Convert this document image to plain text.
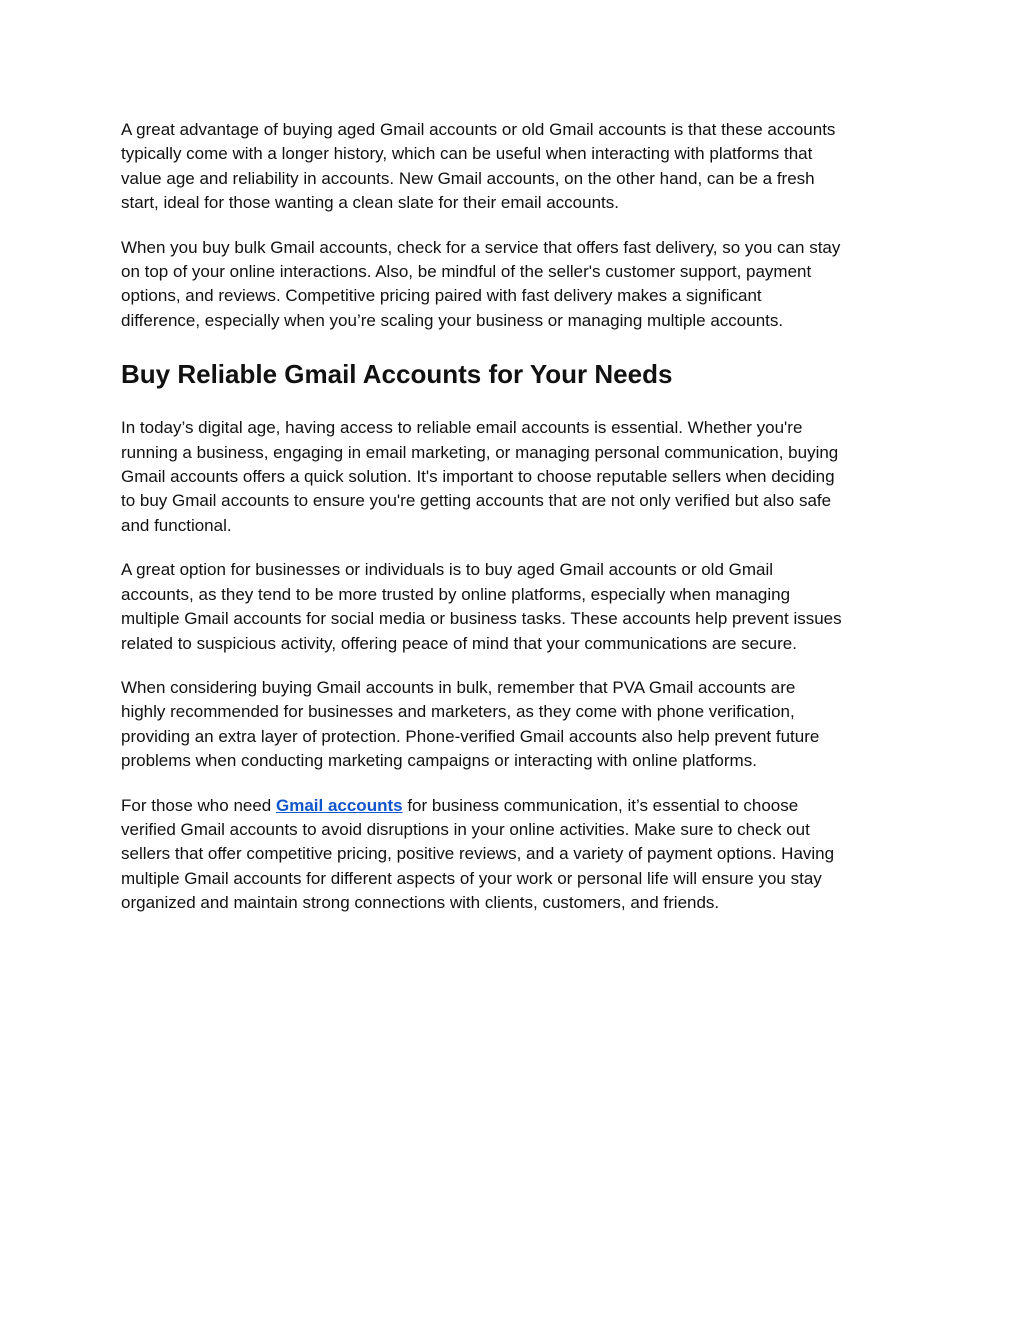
A great advantage of buying aged Gmail accounts or old Gmail accounts is that these accounts
typically come with a longer history, which can be useful when interacting with platforms that
value age and reliability in accounts. New Gmail accounts, on the other hand, can be a fresh
start, ideal for those wanting a clean slate for their email accounts.

When you buy bulk Gmail accounts, check for a service that offers fast delivery, so you can stay
on top of your online interactions. Also, be mindful of the seller's customer support, payment
options, and reviews. Competitive pricing paired with fast delivery makes a significant
difference, especially when you’re scaling your business or managing multiple accounts.

Buy Reliable Gmail Accounts for Your Needs

In today’s digital age, having access to reliable email accounts is essential. Whether you're
running a business, engaging in email marketing, or managing personal communication, buying
Gmail accounts offers a quick solution. It's important to choose reputable sellers when deciding
to buy Gmail accounts to ensure you're getting accounts that are not only verified but also safe
and functional.

A great option for businesses or individuals is to buy aged Gmail accounts or old Gmail
accounts, as they tend to be more trusted by online platforms, especially when managing
multiple Gmail accounts for social media or business tasks. These accounts help prevent issues
related to suspicious activity, offering peace of mind that your communications are secure.

When considering buying Gmail accounts in bulk, remember that PVA Gmail accounts are
highly recommended for businesses and marketers, as they come with phone verification,
providing an extra layer of protection. Phone-verified Gmail accounts also help prevent future
problems when conducting marketing campaigns or interacting with online platforms.

For those who need Gmail accounts for business communication, it’s essential to choose
verified Gmail accounts to avoid disruptions in your online activities. Make sure to check out
sellers that offer competitive pricing, positive reviews, and a variety of payment options. Having
multiple Gmail accounts for different aspects of your work or personal life will ensure you stay
organized and maintain strong connections with clients, customers, and friends.
